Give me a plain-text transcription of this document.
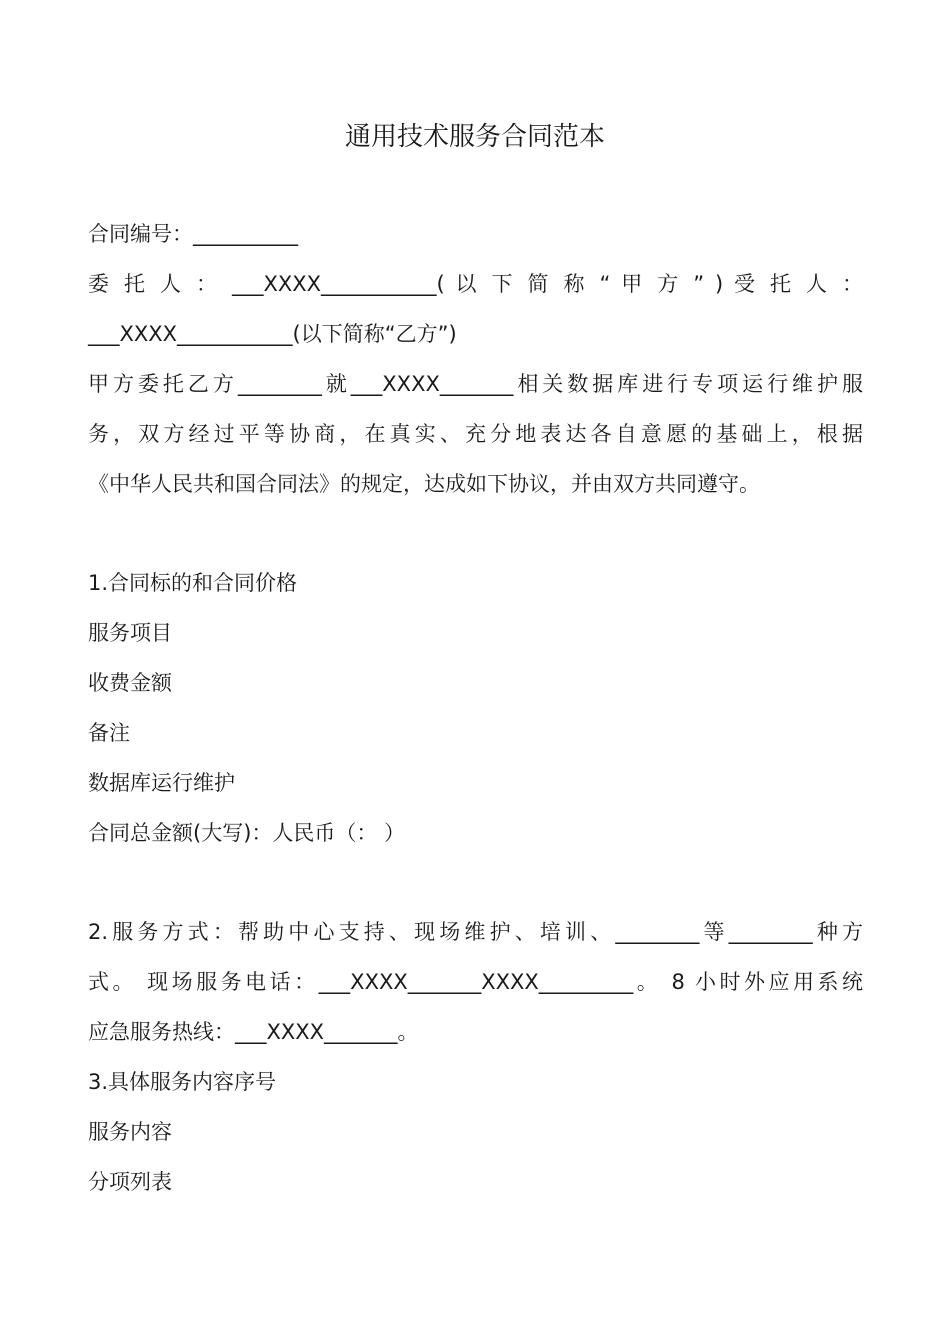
通用技术服务合同范本
合同编号：__________
委 托 人 ： ___XXXX___________( 以 下 简 称 “ 甲 方 ” ) 受 托 人 ：
___XXXX___________(以下简称“乙方”)
甲方委托乙方________就___XXXX_______相关数据库进行专项运行维护服
务，双方经过平等协商，在真实、充分地表达各自意愿的基础上，根据
《中华人民共和国合同法》的规定，达成如下协议，并由双方共同遵守。
1.合同标的和合同价格
服务项目
收费金额
备注
数据库运行维护
合同总金额(大写)：人民币（： ）
2.服务方式：帮助中心支持、现场维护、培训、________等________种方
式。 现场服务电话：___XXXX_______XXXX_________。 8 小时外应用系统
应急服务热线：___XXXX_______。
3.具体服务内容序号
服务内容
分项列表
